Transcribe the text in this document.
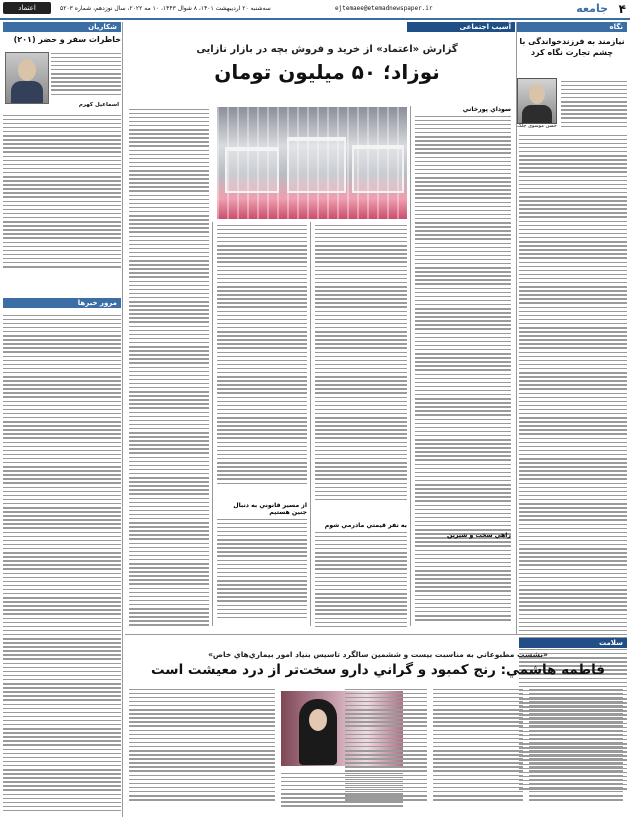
۴
جامعه
ejtemaee@etemadnewspaper.ir
سه‌شنبه ۲۰ اردیبهشت ۱۴۰۱، ۸ شوال ۱۴۴۳، ۱۰ مه ۲۰۲۲، سال نوزدهم، شماره ۵۲۰۳
اعتماد
نگاه
نیازمند به فرزندخواندگی با چشم تجارت نگاه کرد
حسن موسوی چلک
شکاریان
خاطرات سفر و حضر (۲۰۱)
اسماعیل کهرم
مرور خبرها
آسیب اجتماعی
گزارش «اعتماد» از خرید و فروش بچه در بازار نازایی
نوزاد؛ ۵۰ میلیون تومان
سوداي پورخاني
به نفر قيمتي مادرمي شوم
از مسير قانوني به دنبال جنين هستيم
راهي سخت و شيرين
سلامت
«نشست مطبوعاتي به مناسبت بيست و ششمين سالگرد تاسيس بنياد امور بيماري‌هاي خاص»
فاطمه هاشمي: رنج كمبود و گراني دارو سخت‌تر از درد معيشت است
